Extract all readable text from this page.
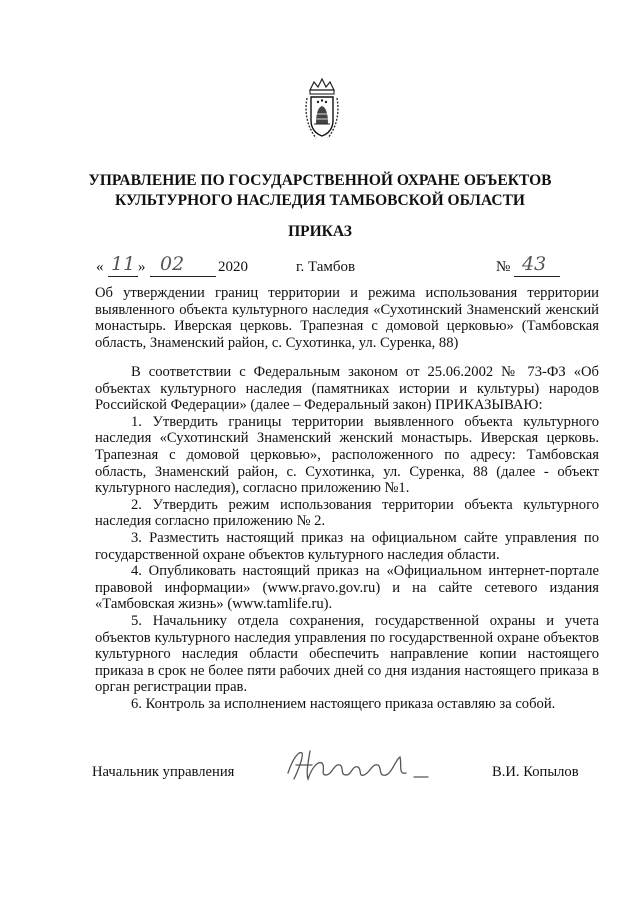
УПРАВЛЕНИЕ ПО ГОСУДАРСТВЕННОЙ ОХРАНЕ ОБЪЕКТОВ
КУЛЬТУРНОГО НАСЛЕДИЯ ТАМБОВСКОЙ ОБЛАСТИ
ПРИКАЗ
« 11 » 02 2020	г. Тамбов	№ 43
Об утверждении границ территории и режима использования территории выявленного объекта культурного наследия «Сухотинский Знаменский женский монастырь. Иверская церковь. Трапезная с домовой церковью» (Тамбовская область, Знаменский район, с. Сухотинка, ул. Суренка, 88)

В соответствии с Федеральным законом от 25.06.2002 № 73-ФЗ «Об объектах культурного наследия (памятниках истории и культуры) народов Российской Федерации» (далее – Федеральный закон) ПРИКАЗЫВАЮ:

1. Утвердить границы территории выявленного объекта культурного наследия «Сухотинский Знаменский женский монастырь. Иверская церковь. Трапезная с домовой церковью», расположенного по адресу: Тамбовская область, Знаменский район, с. Сухотинка, ул. Суренка, 88 (далее - объект культурного наследия), согласно приложению №1.

2. Утвердить режим использования территории объекта культурного наследия согласно приложению № 2.

3. Разместить настоящий приказ на официальном сайте управления по государственной охране объектов культурного наследия области.

4. Опубликовать настоящий приказ на «Официальном интернет-портале правовой информации» (www.pravo.gov.ru) и на сайте сетевого издания «Тамбовская жизнь» (www.tamlife.ru).

5. Начальнику отдела сохранения, государственной охраны и учета объектов культурного наследия управления по государственной охране объектов культурного наследия области обеспечить направление копии настоящего приказа в срок не более пяти рабочих дней со дня издания настоящего приказа в орган регистрации прав.

6. Контроль за исполнением настоящего приказа оставляю за собой.

Начальник управления	В.И. Копылов
